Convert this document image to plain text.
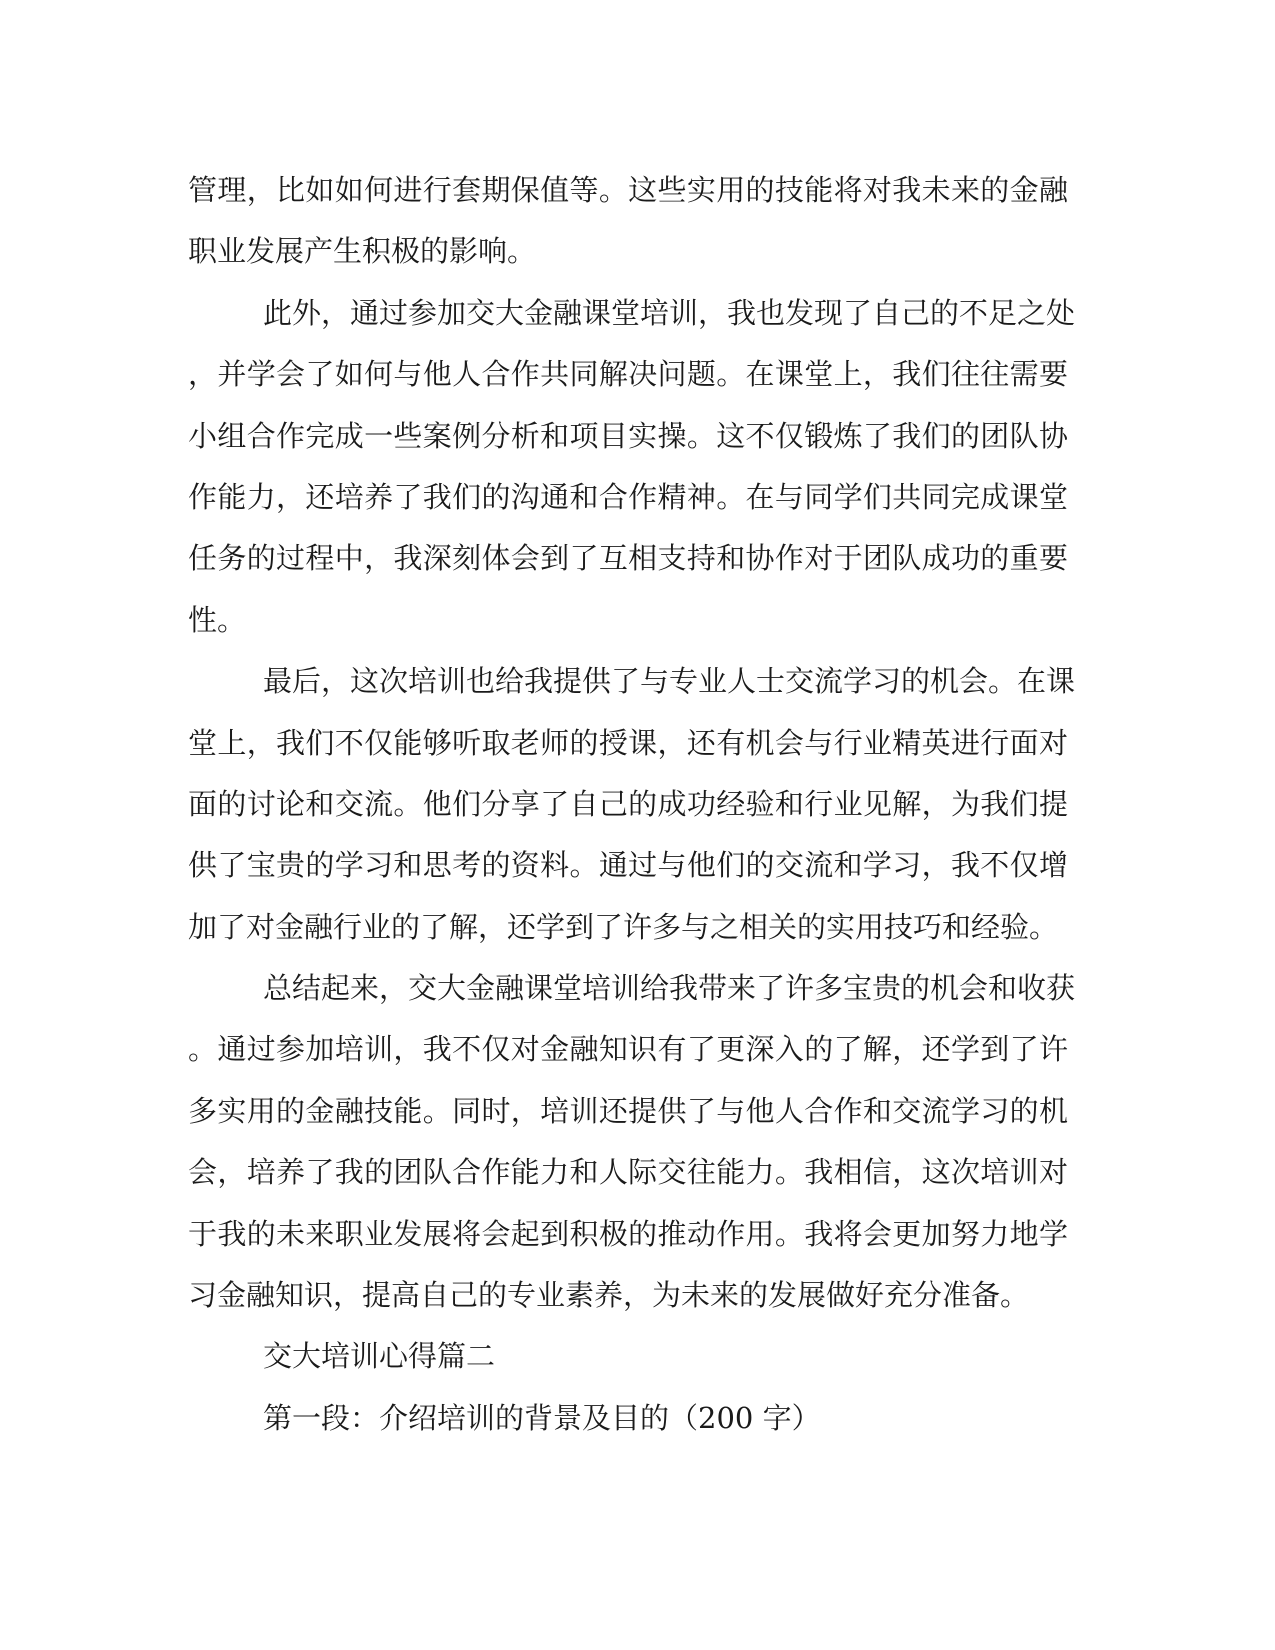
管理，比如如何进行套期保值等。这些实用的技能将对我未来的金融
职业发展产生积极的影响。
此外，通过参加交大金融课堂培训，我也发现了自己的不足之处
，并学会了如何与他人合作共同解决问题。在课堂上，我们往往需要
小组合作完成一些案例分析和项目实操。这不仅锻炼了我们的团队协
作能力，还培养了我们的沟通和合作精神。在与同学们共同完成课堂
任务的过程中，我深刻体会到了互相支持和协作对于团队成功的重要
性。
最后，这次培训也给我提供了与专业人士交流学习的机会。在课
堂上，我们不仅能够听取老师的授课，还有机会与行业精英进行面对
面的讨论和交流。他们分享了自己的成功经验和行业见解，为我们提
供了宝贵的学习和思考的资料。通过与他们的交流和学习，我不仅增
加了对金融行业的了解，还学到了许多与之相关的实用技巧和经验。
总结起来，交大金融课堂培训给我带来了许多宝贵的机会和收获
。通过参加培训，我不仅对金融知识有了更深入的了解，还学到了许
多实用的金融技能。同时，培训还提供了与他人合作和交流学习的机
会，培养了我的团队合作能力和人际交往能力。我相信，这次培训对
于我的未来职业发展将会起到积极的推动作用。我将会更加努力地学
习金融知识，提高自己的专业素养，为未来的发展做好充分准备。
交大培训心得篇二
第一段：介绍培训的背景及目的（200 字）
